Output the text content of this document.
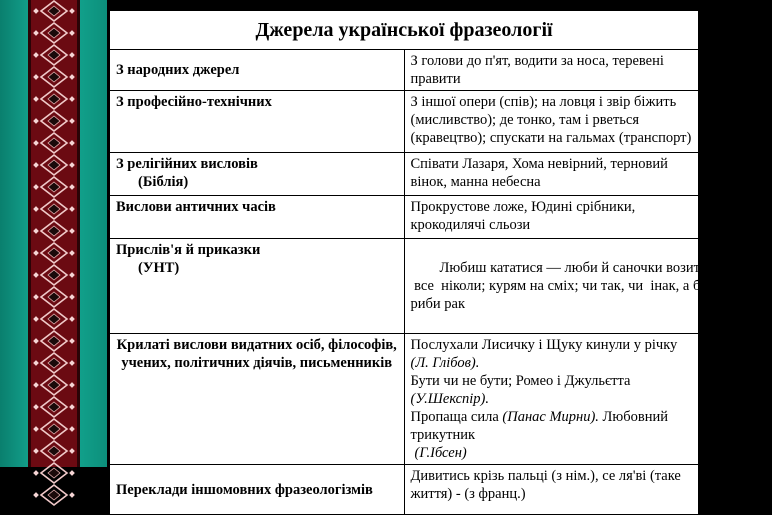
Джерела української фразеології	
З народних джерел	З голови до п'ят, водити за носа, теревені правити
З професійно-технічних	З іншої опери (спів); на ловця і звір біжить (мисливство); де тонко, там і рветься (кравецтво); спускати на гальмах (транспорт)
З релігійних висловів
(Біблія)	Співати Лазаря, Хома невірний, терновий вінок, манна небесна
Вислови античних часів	Прокрустове ложе, Юдині срібники, крокодилячі сльози
Прислів'я й приказки
(УНТ)	Любиш кататися — люби й саночки возити; лінивому
все  ніколи; курям на сміх; чи так, чи  інак, а буде з
риби рак

Крилаті вислови видатних осіб, філософів, учених, політичних діячів, письменників	Послухали Лисичку і Щуку кинули у річку (Л. Глібов).
Бути чи не бути; Ромео і Джульєтта (У.Шекспір).
Пропаща сила (Панас Мирни). Любовний трикутник
(Г.Ібсен)
Переклади іншомовних фразеологізмів	Дивитись крізь пальці (з нім.), се ля'ві (таке життя) - (з франц.)
